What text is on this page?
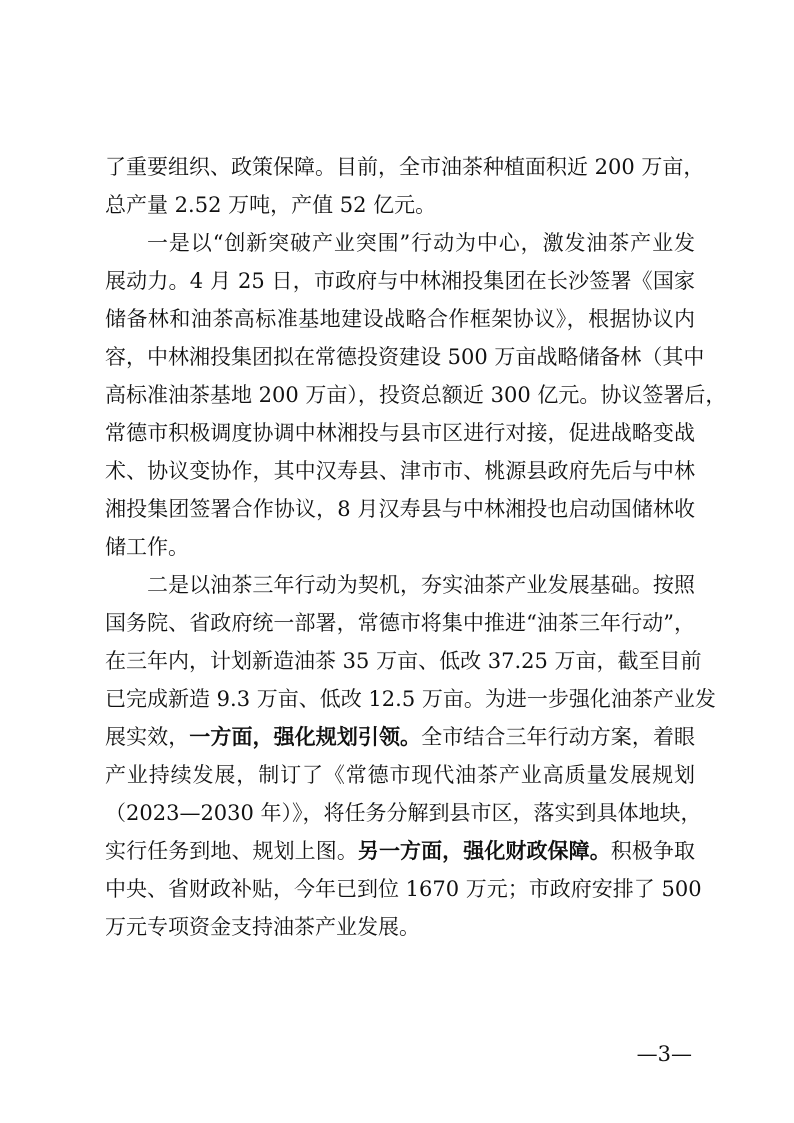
了重要组织、政策保障。目前，全市油茶种植面积近 200 万亩，
总产量 2.52 万吨，产值 52 亿元。
一是以“创新突破产业突围”行动为中心，激发油茶产业发
展动力。4 月 25 日，市政府与中林湘投集团在长沙签署《国家
储备林和油茶高标准基地建设战略合作框架协议》，根据协议内
容，中林湘投集团拟在常德投资建设 500 万亩战略储备林（其中
高标准油茶基地 200 万亩），投资总额近 300 亿元。协议签署后，
常德市积极调度协调中林湘投与县市区进行对接，促进战略变战
术、协议变协作，其中汉寿县、津市市、桃源县政府先后与中林
湘投集团签署合作协议，8 月汉寿县与中林湘投也启动国储林收
储工作。
二是以油茶三年行动为契机，夯实油茶产业发展基础。按照
国务院、省政府统一部署，常德市将集中推进“油茶三年行动”，
在三年内，计划新造油茶 35 万亩、低改 37.25 万亩，截至目前
已完成新造 9.3 万亩、低改 12.5 万亩。为进一步强化油茶产业发
展实效，一方面，强化规划引领。全市结合三年行动方案，着眼
产业持续发展，制订了《常德市现代油茶产业高质量发展规划
（2023—2030 年）》，将任务分解到县市区，落实到具体地块，
实行任务到地、规划上图。另一方面，强化财政保障。积极争取
中央、省财政补贴，今年已到位 1670 万元；市政府安排了 500
万元专项资金支持油茶产业发展。
—3—
